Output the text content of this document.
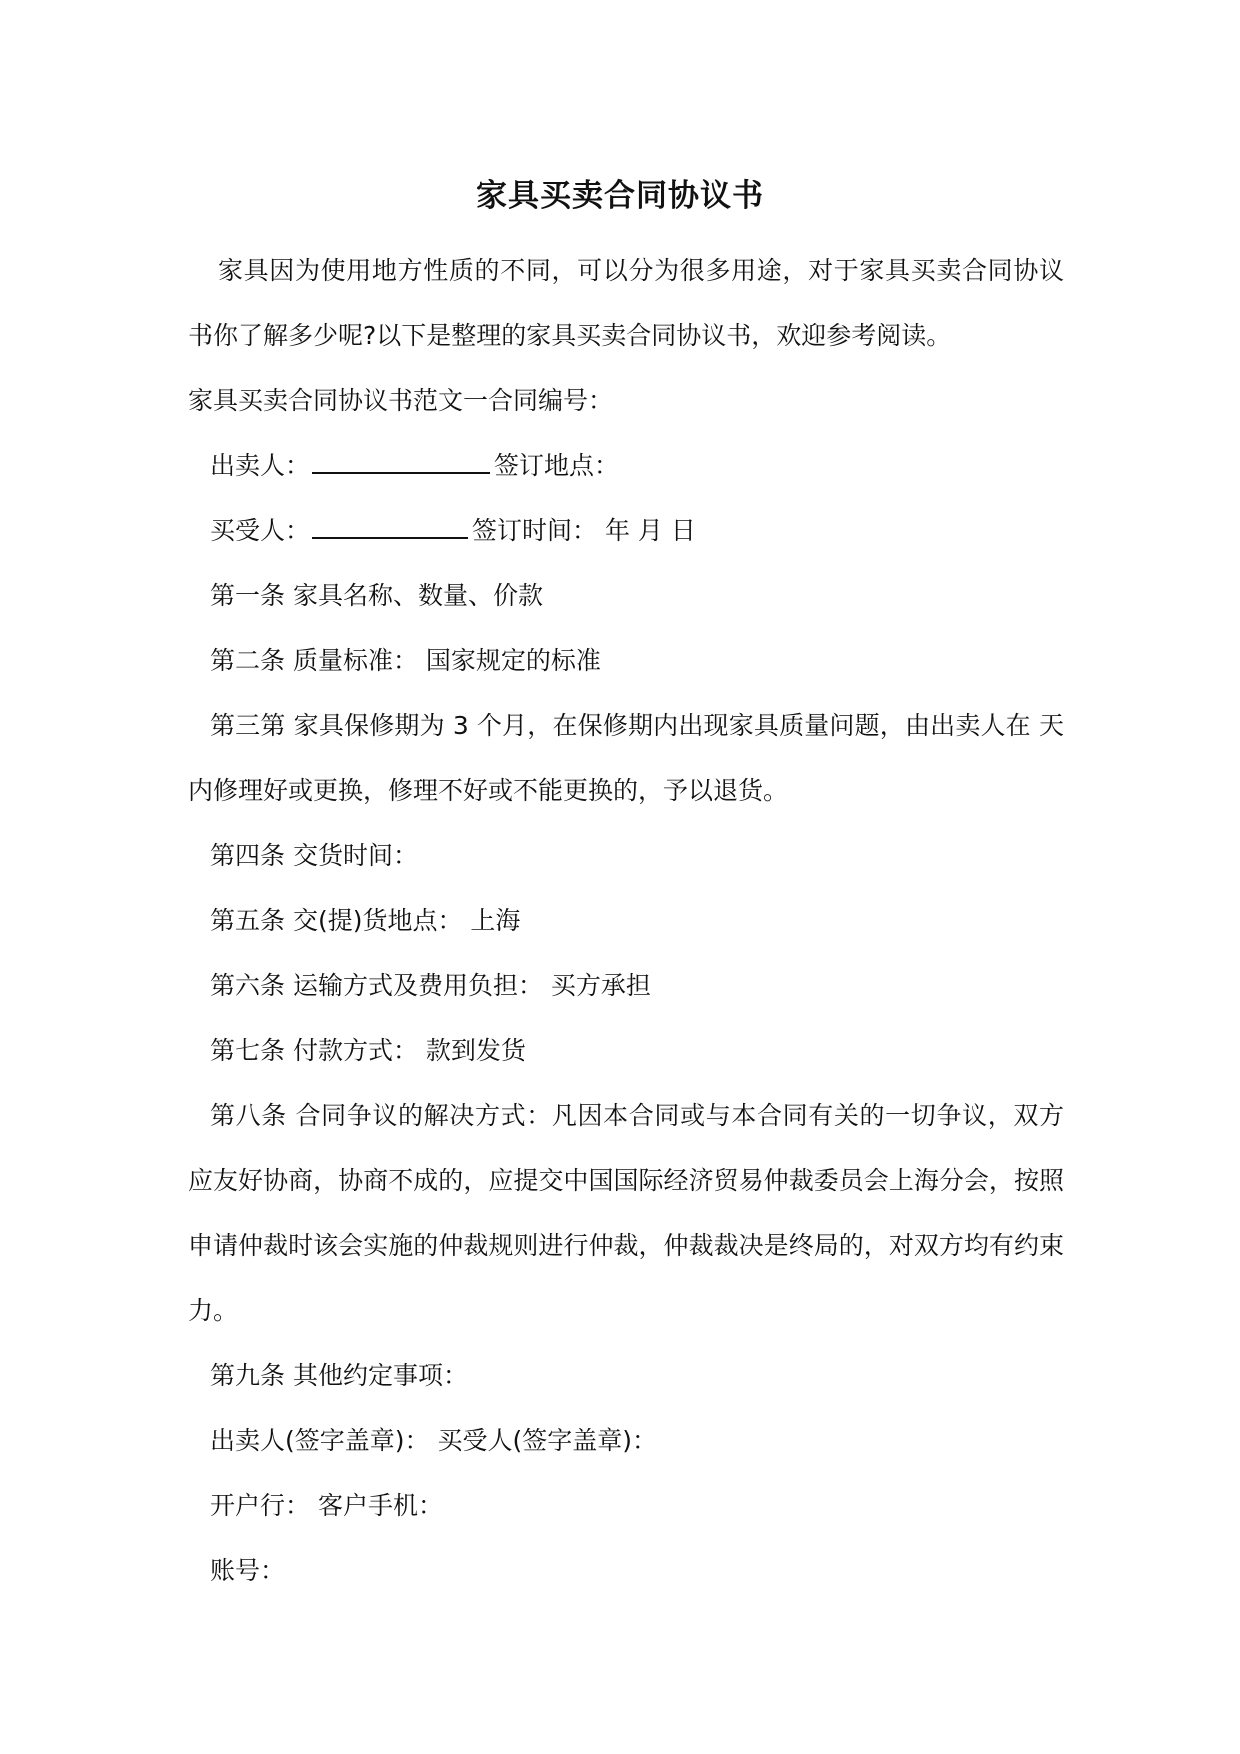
家具买卖合同协议书

家具因为使用地方性质的不同，可以分为很多用途，对于家具买卖合同协议书你了解多少呢?以下是整理的家具买卖合同协议书，欢迎参考阅读。

家具买卖合同协议书范文一合同编号：

出卖人：	签订地点：

买受人：	签订时间： 年 月 日

第一条 家具名称、数量、价款

第二条 质量标准： 国家规定的标准

第三第 家具保修期为 3 个月，在保修期内出现家具质量问题，由出卖人在 天内修理好或更换，修理不好或不能更换的，予以退货。

第四条 交货时间：

第五条 交(提)货地点： 上海

第六条 运输方式及费用负担： 买方承担

第七条 付款方式： 款到发货

第八条 合同争议的解决方式：凡因本合同或与本合同有关的一切争议，双方应友好协商，协商不成的，应提交中国国际经济贸易仲裁委员会上海分会，按照申请仲裁时该会实施的仲裁规则进行仲裁，仲裁裁决是终局的，对双方均有约束力。

第九条 其他约定事项：

出卖人(签字盖章)： 买受人(签字盖章)：

开户行： 客户手机：

账号：
